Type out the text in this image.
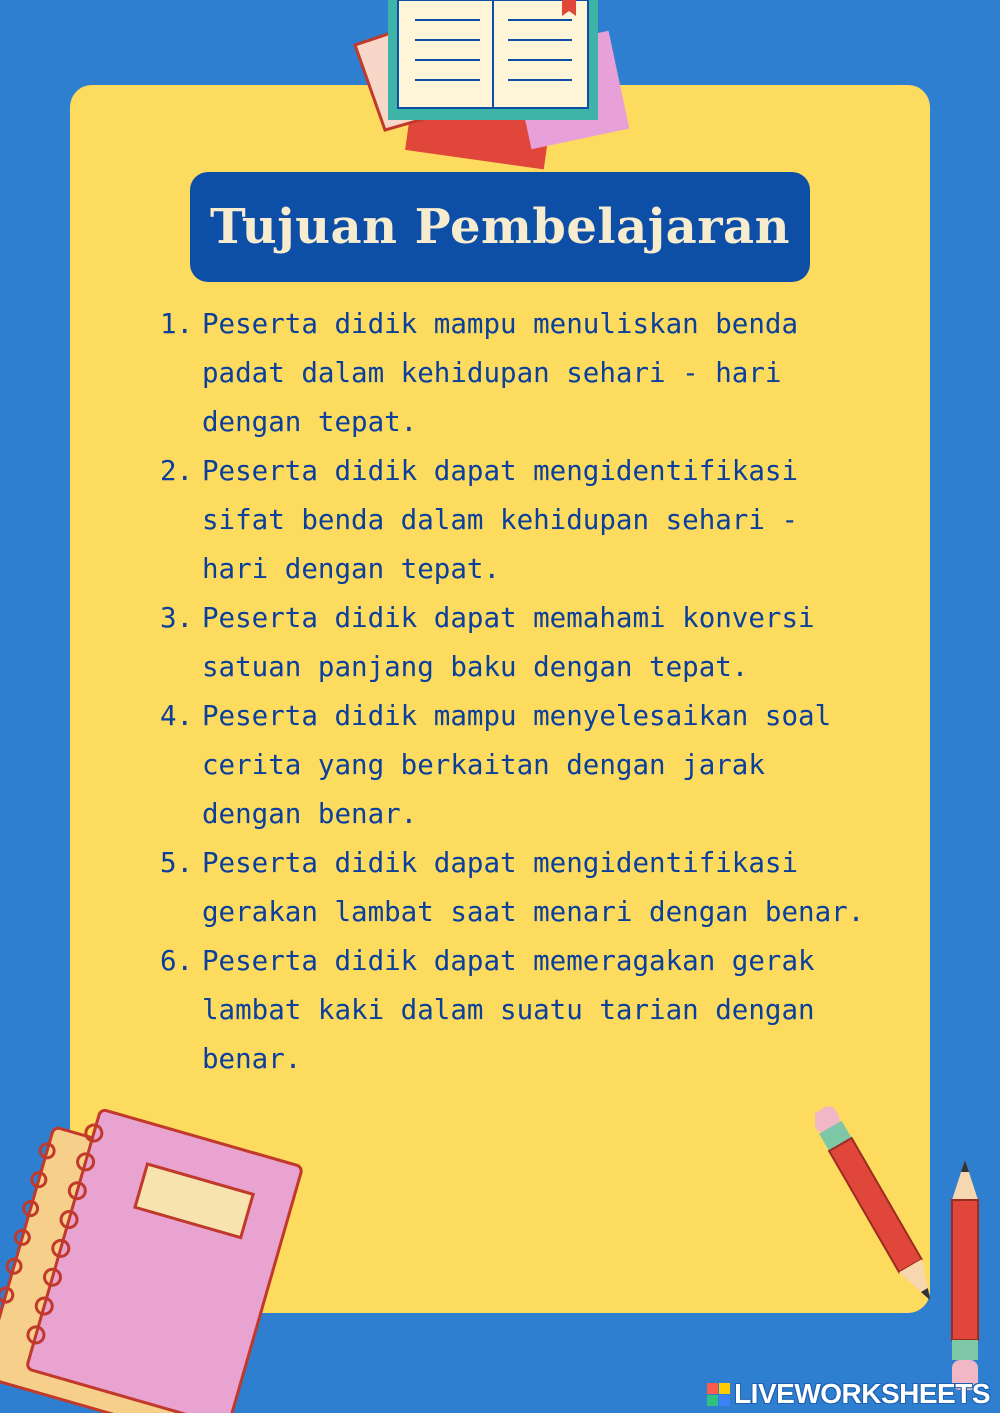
Tujuan Pembelajaran
1. Peserta didik mampu menuliskan benda padat dalam kehidupan sehari - hari dengan tepat.
2. Peserta didik dapat mengidentifikasi sifat benda dalam kehidupan sehari - hari dengan tepat.
3. Peserta didik dapat memahami konversi satuan panjang baku dengan tepat.
4. Peserta didik mampu menyelesaikan soal cerita yang berkaitan dengan jarak dengan benar.
5. Peserta didik dapat mengidentifikasi gerakan lambat saat menari dengan benar.
6. Peserta didik dapat memeragakan gerak lambat kaki dalam suatu tarian dengan benar.
LIVEWORKSHEETS
